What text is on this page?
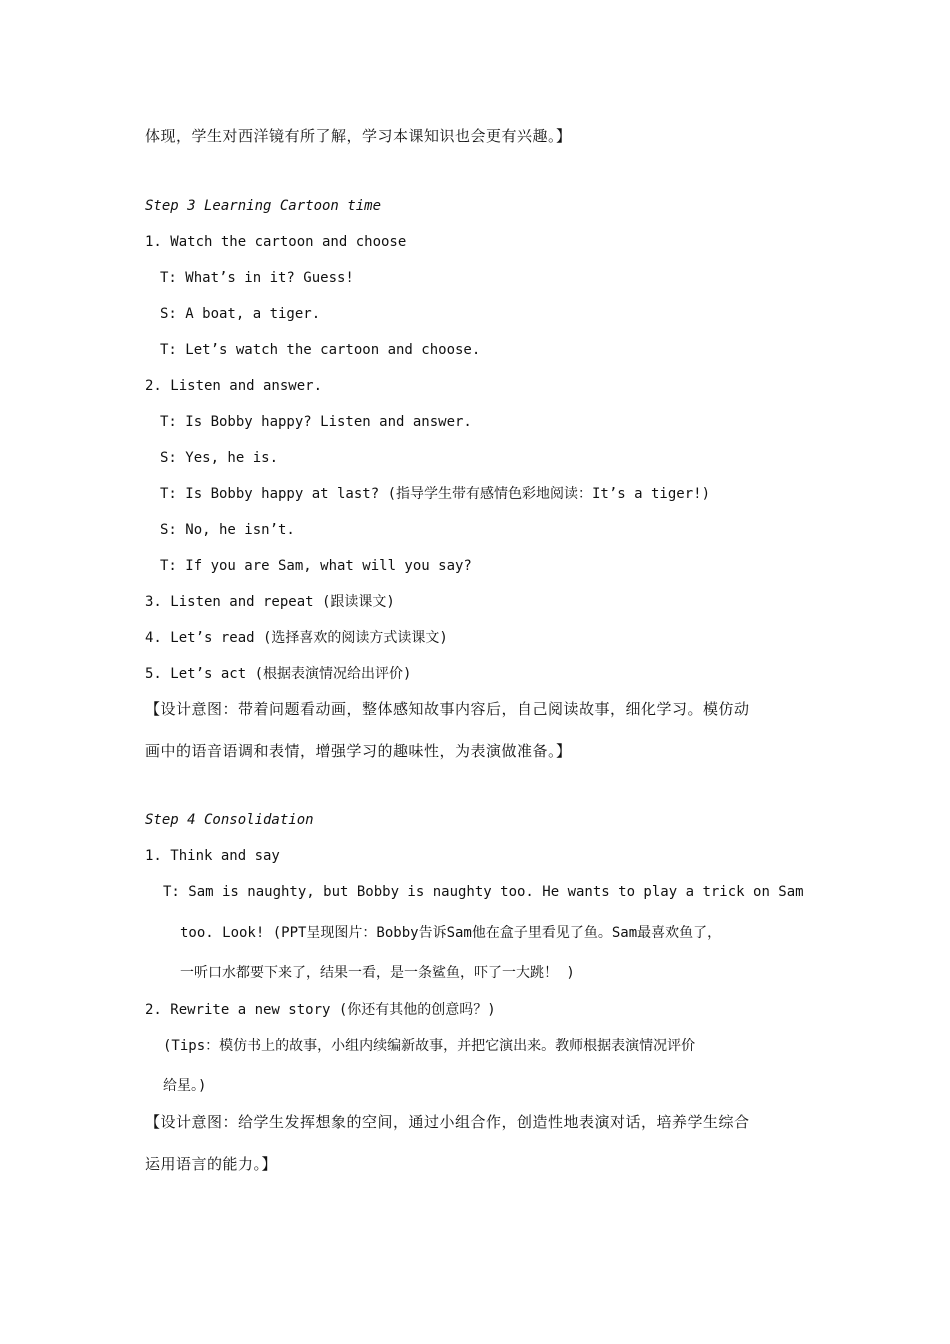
体现，学生对西洋镜有所了解，学习本课知识也会更有兴趣。】
Step 3 Learning Cartoon time
1. Watch the cartoon and choose
T: What’s in it? Guess!
S: A boat, a tiger.
T: Let’s watch the cartoon and choose.
2. Listen and answer.
T: Is Bobby happy? Listen and answer.
S: Yes, he is.
T: Is Bobby happy at last? (指导学生带有感情色彩地阅读：It’s a tiger!)
S: No, he isn’t.
T: If you are Sam, what will you say?
3. Listen and repeat (跟读课文)
4. Let’s read (选择喜欢的阅读方式读课文)
5. Let’s act (根据表演情况给出评价)
【设计意图：带着问题看动画，整体感知故事内容后，自己阅读故事，细化学习。模仿动
画中的语音语调和表情，增强学习的趣味性，为表演做准备。】
Step 4 Consolidation
1. Think and say
T: Sam is naughty, but Bobby is naughty too. He wants to play a trick on Sam
too. Look! (PPT呈现图片：Bobby告诉Sam他在盒子里看见了鱼。Sam最喜欢鱼了，
一听口水都要下来了，结果一看，是一条鲨鱼，吓了一大跳！ )
2. Rewrite a new story (你还有其他的创意吗？)
(Tips：模仿书上的故事，小组内续编新故事，并把它演出来。教师根据表演情况评价
给星。)
【设计意图：给学生发挥想象的空间，通过小组合作，创造性地表演对话，培养学生综合
运用语言的能力。】
